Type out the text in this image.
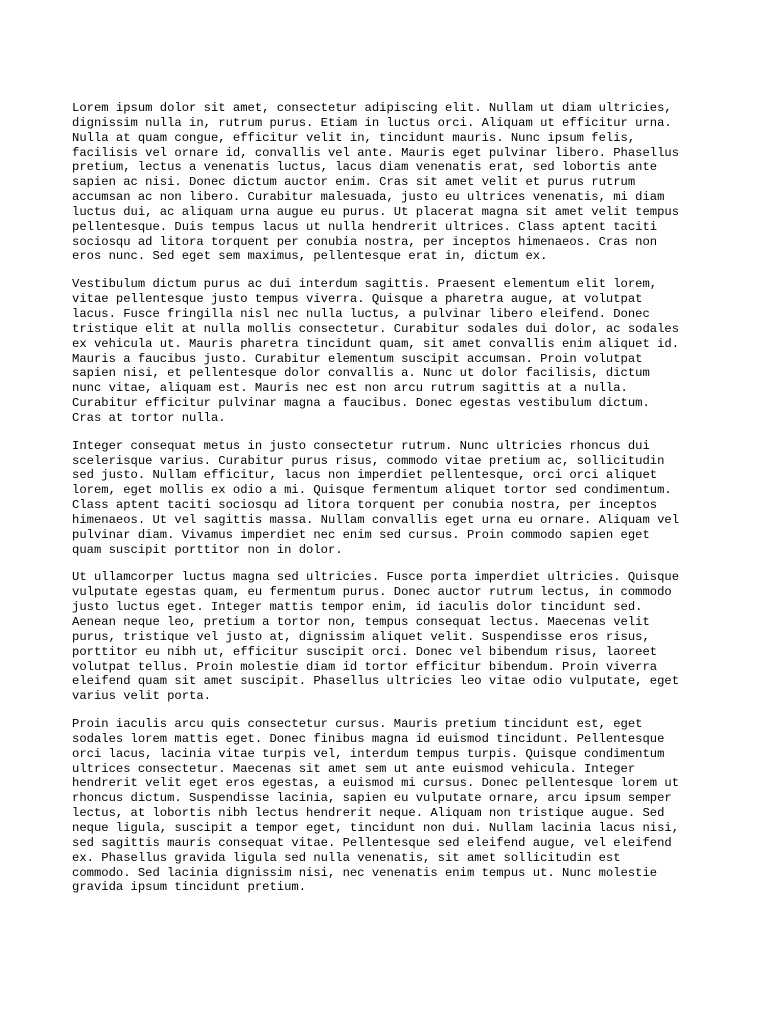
Lorem ipsum dolor sit amet, consectetur adipiscing elit. Nullam ut diam ultricies,
dignissim nulla in, rutrum purus. Etiam in luctus orci. Aliquam ut efficitur urna.
Nulla at quam congue, efficitur velit in, tincidunt mauris. Nunc ipsum felis,
facilisis vel ornare id, convallis vel ante. Mauris eget pulvinar libero. Phasellus
pretium, lectus a venenatis luctus, lacus diam venenatis erat, sed lobortis ante
sapien ac nisi. Donec dictum auctor enim. Cras sit amet velit et purus rutrum
accumsan ac non libero. Curabitur malesuada, justo eu ultrices venenatis, mi diam
luctus dui, ac aliquam urna augue eu purus. Ut placerat magna sit amet velit tempus
pellentesque. Duis tempus lacus ut nulla hendrerit ultrices. Class aptent taciti
sociosqu ad litora torquent per conubia nostra, per inceptos himenaeos. Cras non
eros nunc. Sed eget sem maximus, pellentesque erat in, dictum ex.

Vestibulum dictum purus ac dui interdum sagittis. Praesent elementum elit lorem,
vitae pellentesque justo tempus viverra. Quisque a pharetra augue, at volutpat
lacus. Fusce fringilla nisl nec nulla luctus, a pulvinar libero eleifend. Donec
tristique elit at nulla mollis consectetur. Curabitur sodales dui dolor, ac sodales
ex vehicula ut. Mauris pharetra tincidunt quam, sit amet convallis enim aliquet id.
Mauris a faucibus justo. Curabitur elementum suscipit accumsan. Proin volutpat
sapien nisi, et pellentesque dolor convallis a. Nunc ut dolor facilisis, dictum
nunc vitae, aliquam est. Mauris nec est non arcu rutrum sagittis at a nulla.
Curabitur efficitur pulvinar magna a faucibus. Donec egestas vestibulum dictum.
Cras at tortor nulla.

Integer consequat metus in justo consectetur rutrum. Nunc ultricies rhoncus dui
scelerisque varius. Curabitur purus risus, commodo vitae pretium ac, sollicitudin
sed justo. Nullam efficitur, lacus non imperdiet pellentesque, orci orci aliquet
lorem, eget mollis ex odio a mi. Quisque fermentum aliquet tortor sed condimentum.
Class aptent taciti sociosqu ad litora torquent per conubia nostra, per inceptos
himenaeos. Ut vel sagittis massa. Nullam convallis eget urna eu ornare. Aliquam vel
pulvinar diam. Vivamus imperdiet nec enim sed cursus. Proin commodo sapien eget
quam suscipit porttitor non in dolor.

Ut ullamcorper luctus magna sed ultricies. Fusce porta imperdiet ultricies. Quisque
vulputate egestas quam, eu fermentum purus. Donec auctor rutrum lectus, in commodo
justo luctus eget. Integer mattis tempor enim, id iaculis dolor tincidunt sed.
Aenean neque leo, pretium a tortor non, tempus consequat lectus. Maecenas velit
purus, tristique vel justo at, dignissim aliquet velit. Suspendisse eros risus,
porttitor eu nibh ut, efficitur suscipit orci. Donec vel bibendum risus, laoreet
volutpat tellus. Proin molestie diam id tortor efficitur bibendum. Proin viverra
eleifend quam sit amet suscipit. Phasellus ultricies leo vitae odio vulputate, eget
varius velit porta.

Proin iaculis arcu quis consectetur cursus. Mauris pretium tincidunt est, eget
sodales lorem mattis eget. Donec finibus magna id euismod tincidunt. Pellentesque
orci lacus, lacinia vitae turpis vel, interdum tempus turpis. Quisque condimentum
ultrices consectetur. Maecenas sit amet sem ut ante euismod vehicula. Integer
hendrerit velit eget eros egestas, a euismod mi cursus. Donec pellentesque lorem ut
rhoncus dictum. Suspendisse lacinia, sapien eu vulputate ornare, arcu ipsum semper
lectus, at lobortis nibh lectus hendrerit neque. Aliquam non tristique augue. Sed
neque ligula, suscipit a tempor eget, tincidunt non dui. Nullam lacinia lacus nisi,
sed sagittis mauris consequat vitae. Pellentesque sed eleifend augue, vel eleifend
ex. Phasellus gravida ligula sed nulla venenatis, sit amet sollicitudin est
commodo. Sed lacinia dignissim nisi, nec venenatis enim tempus ut. Nunc molestie
gravida ipsum tincidunt pretium.
